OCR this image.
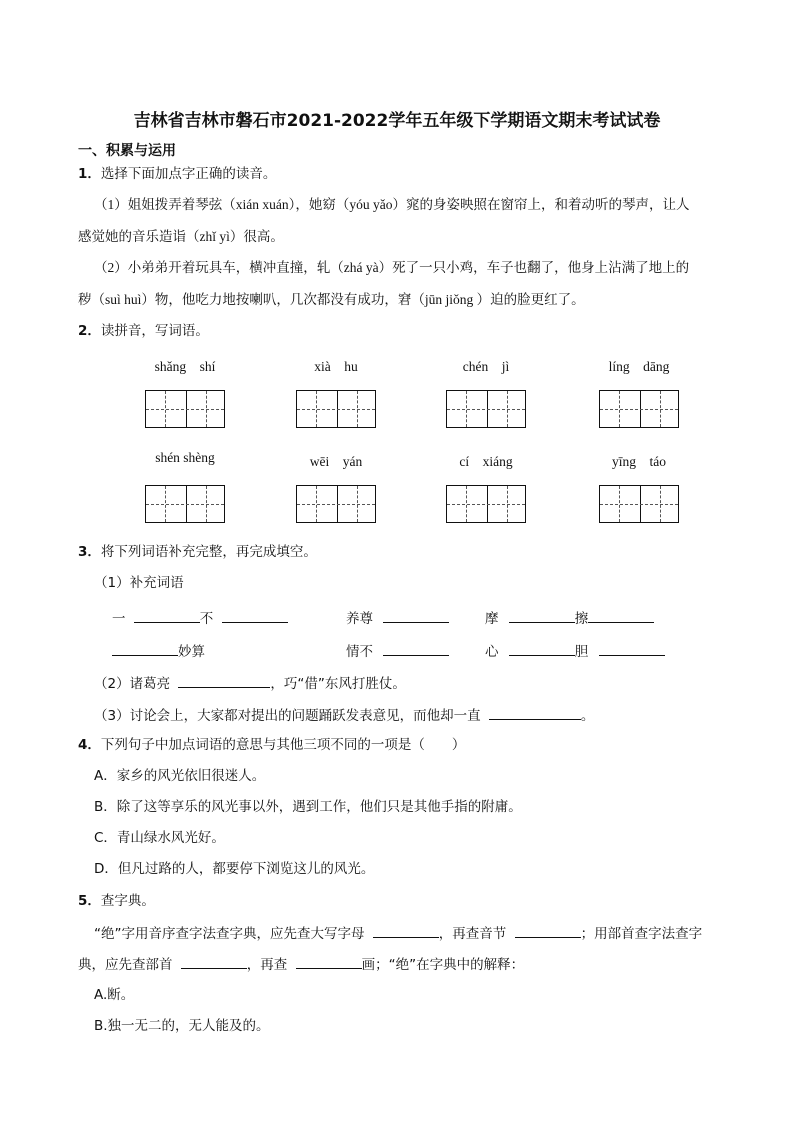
吉林省吉林市磐石市2021-2022学年五年级下学期语文期末考试试卷
一、积累与运用
1．选择下面加点字正确的读音。
（1）姐姐拨弄着琴弦（xián xuán），她窈（yóu yǎo）窕的身姿映照在窗帘上，和着动听的琴声，让人
感觉她的音乐造诣（zhǐ yì）很高。
（2）小弟弟开着玩具车，横冲直撞，轧（zhá yà）死了一只小鸡，车子也翻了，他身上沾满了地上的
秽（suì huì）物，他吃力地按喇叭，几次都没有成功，窘（jūn jiǒng ）迫的脸更红了。
2．读拼音，写词语。
shǎng　shí	xià　hu	chén　jì	líng　dāng
shén shèng	wēi　yán	cí　xiáng	yīng　táo
3．将下列词语补充完整，再完成填空。
（1）补充词语
一	不	养尊	摩	擦
妙算	情不	心	胆
（2）诸葛亮	，巧“借”东风打胜仗。
（3）讨论会上，大家都对提出的问题踊跃发表意见，而他却一直	。
4．下列句子中加点词语的意思与其他三项不同的一项是（　　）
A．家乡的风光依旧很迷人。
B．除了这等享乐的风光事以外，遇到工作，他们只是其他手指的附庸。
C．青山绿水风光好。
D．但凡过路的人，都要停下浏览这儿的风光。
5．查字典。
“绝”字用音序查字法查字典，应先查大写字母	，再查音节	；用部首查字法查字
典，应先查部首	，再查	画；“绝”在字典中的解释：
A.断。
B.独一无二的，无人能及的。
